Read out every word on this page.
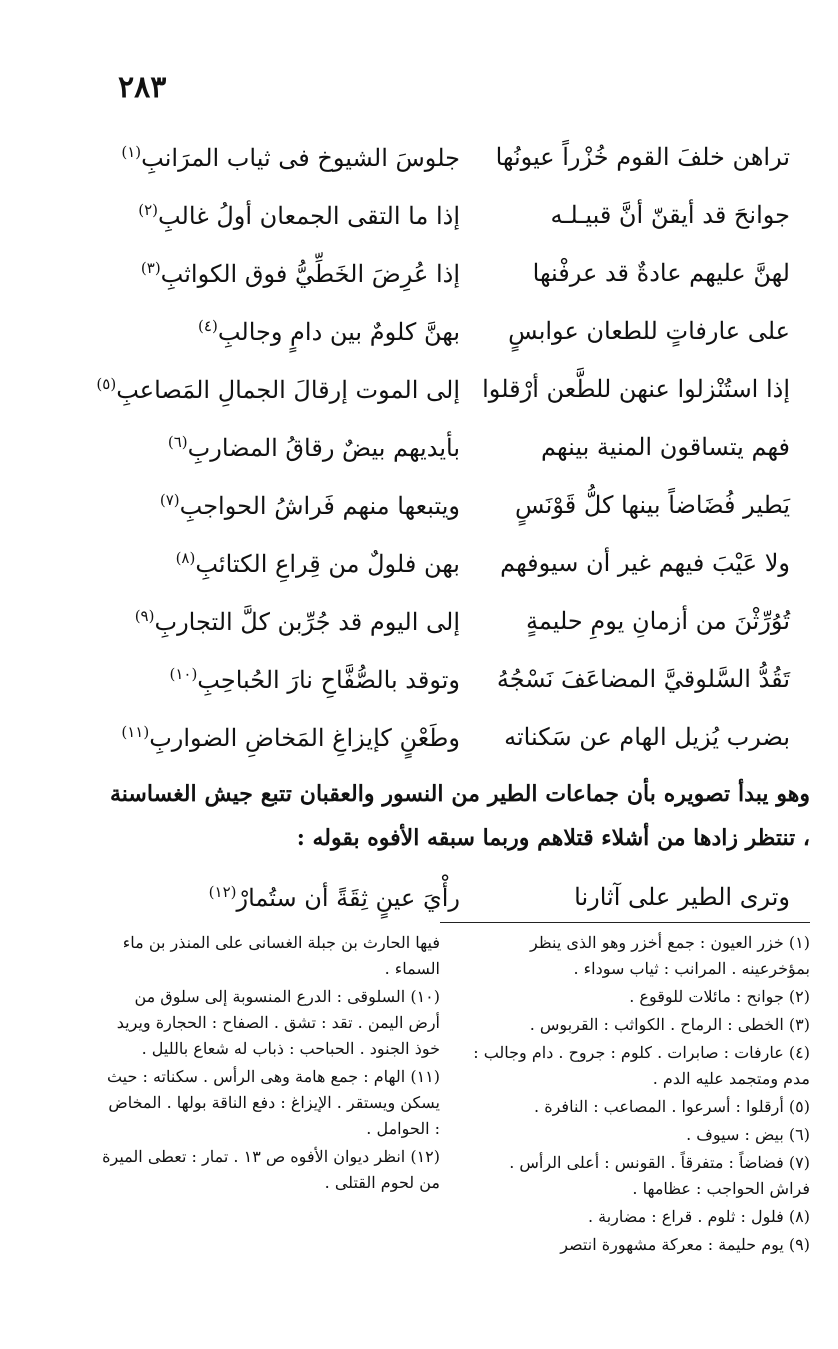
٢٨٣
تراهن خلفَ القوم خُزْراً عيونُها
جلوسَ الشيوخ فى ثياب المرَانبِ$^{(١)}$
جوانحَ قد أيقنّ أنَّ قبيـلـه
إذا ما التقى الجمعان أولُ غالبِ$^{(٢)}$
لهنَّ عليهم عادةٌ قد عرفْنها
إذا عُرِضَ الخَطِّيُّ فوق الكواثبِ$^{(٣)}$
على عارفاتٍ للطعان عوابسٍ
بهنَّ كلومٌ بين دامٍ وجالبِ$^{(٤)}$
إذا استُنْزلوا عنهن للطَّعن أرْقلوا
إلى الموت إرقالَ الجمالِ المَصاعبِ$^{(٥)}$
فهم يتساقون المنية بينهم
بأيديهم بيضٌ رقاقُ المضاربِ$^{(٦)}$
يَطير فُضَاضاً بينها كلُّ قَوْنَسٍ
ويتبعها منهم فَراشُ الحواجبِ$^{(٧)}$
ولا عَيْبَ فيهم غير أن سيوفهم
بهن فلولٌ من قِراعِ الكتائبِ$^{(٨)}$
تُوُرِّثْنَ من أزمانِ يومِ حليمةٍ
إلى اليوم قد جُرِّبن كلَّ التجاربِ$^{(٩)}$
تَقُدُّ السَّلوقيَّ المضاعَفَ نَسْجُهُ
وتوقد بالصُّفَّاحِ نارَ الحُباحِبِ$^{(١٠)}$
بضرب يُزيل الهام عن سَكناته
وطَعْنٍ كإيزاغِ المَخاضِ الضواربِ$^{(١١)}$
وهو يبدأ تصويره بأن جماعات الطير من النسور والعقبان تتبع جيش الغساسنة ، تنتظر زادها من أشلاء قتلاهم وربما سبقه الأفوه بقوله :
وترى الطير على آثارنا
رأْيَ عينٍ ثِقَةً أن ستُمارْ$^{(١٢)}$

(١) خزر العيون : جمع أخزر وهو الذى ينظر بمؤخرعينه . المرانب : ثياب سوداء .

(٢) جوانح : مائلات للوقوع .

(٣) الخطى : الرماح . الكواثب : القربوس .

(٤) عارفات : صابرات . كلوم : جروح . دام وجالب : مدم ومتجمد عليه الدم .

(٥) أرقلوا : أسرعوا . المصاعب : النافرة .

(٦) بيض : سيوف .

(٧) فضاضاً : متفرقاً . القونس : أعلى الرأس . فراش الحواجب : عظامها .

(٨) فلول : ثلوم . قراع : مضاربة .

(٩) يوم حليمة : معركة مشهورة انتصر

فيها الحارث بن جبلة الغسانى على المنذر بن ماء السماء .

(١٠) السلوقى : الدرع المنسوبة إلى سلوق من أرض اليمن . تقد : تشق . الصفاح : الحجارة ويريد خوذ الجنود . الحباحب : ذباب له شعاع بالليل .

(١١) الهام : جمع هامة وهى الرأس . سكناته : حيث يسكن ويستقر . الإيزاغ : دفع الناقة بولها . المخاض : الحوامل .

(١٢) انظر ديوان الأفوه ص ١٣ . تمار : تعطى الميرة من لحوم القتلى .
